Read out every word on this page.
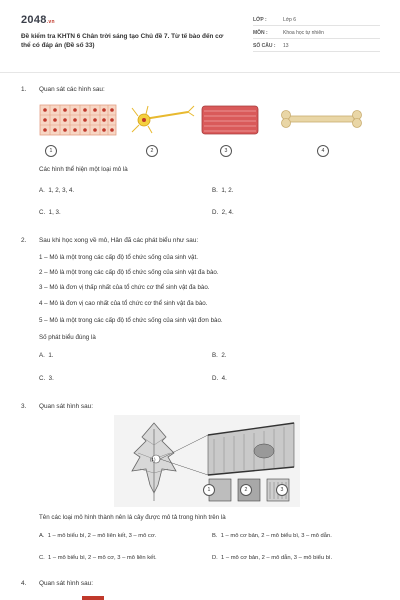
2048.vn
Đề kiểm tra KHTN 6 Chân trời sáng tạo Chủ đề 7. Từ tế bào đến cơ thể có đáp án (Đề số 33)
LỚP :	Lớp 6
MÔN :	Khoa học tự nhiên
SỐ CÂU : 13
1. Quan sát các hình sau:
1	2	3	4
Các hình thể hiện một loại mô là
A. 1, 2, 3, 4.	B. 1, 2.
C. 1, 3.	D. 2, 4.
2. Sau khi học xong về mô, Hân đã các phát biểu như sau:
1 – Mô là một trong các cấp độ tổ chức sống của sinh vật.
2 – Mô là một trong các cấp độ tổ chức sống của sinh vật đa bào.
3 – Mô là đơn vị thấp nhất của tổ chức cơ thể sinh vật đa bào.
4 – Mô là đơn vị cao nhất của tổ chức cơ thể sinh vật đa bào.
5 – Mô là một trong các cấp độ tổ chức sống của sinh vật đơn bào.
Số phát biểu đúng là
A. 1.	B. 2.
C. 3.	D. 4.
3. Quan sát hình sau:
(1)
1	2	3
Tên các loại mô hình thành nên lá cây được mô tả trong hình trên là
A. 1 – mô biểu bì, 2 – mô liên kết, 3 – mô cơ.	B. 1 – mô cơ bản, 2 – mô biểu bì, 3 – mô dẫn.
C. 1 – mô biểu bì, 2 – mô cơ, 3 – mô liên kết.	D. 1 – mô cơ bản, 2 – mô dẫn, 3 – mô biểu bì.
4. Quan sát hình sau:
